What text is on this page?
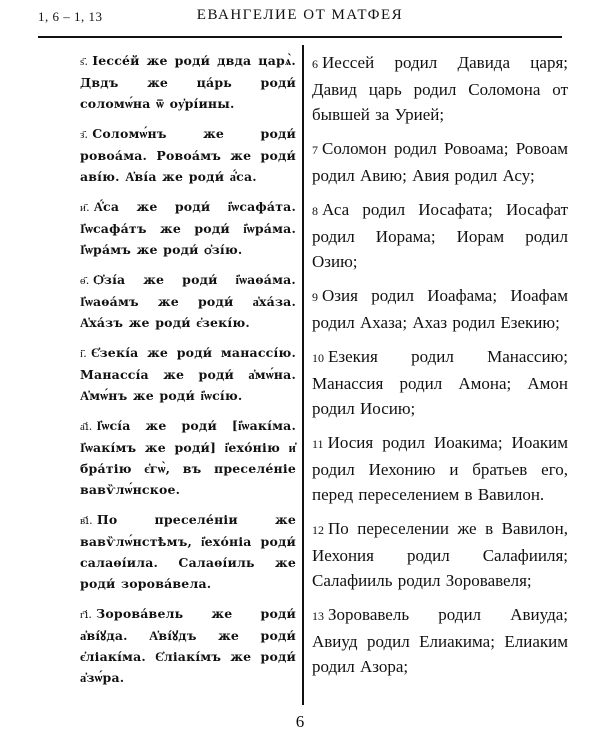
1, 6 – 1, 13	ЕВАНГЕЛИЕ ОТ МАТФЕЯ

ѕ҃. Іессе́й же роди́ двда царѧ̀. Двдъ же ца́рь роди́ соломѡ́на ѿ оу҆рі́ины.

з҃. Соломѡ́нъ же роди́ ровоа́ма. Ровоа́мъ же роди́ аві́ю. А҆ві́а же роди́ а҆́са.

и҃. А҆́са же роди́ і҆ѡсафа́та. І҆ѡсафа́тъ же роди́ і҆ѡра́ма. І҆ѡра́мъ же роди́ ѻ҆зі́ю.

ѳ҃. Ѻ҆зі́а же роди́ і҆ѡаѳа́ма. І҆ѡаѳа́мъ же роди́ а҆ха́за. А҆ха́зъ же роди́ є҆зекі́ю.

і҃. Є҆зекі́а же роди́ манассі́ю. Манассі́а же роди́ а҆мѡ́на. А҆мѡ́нъ же роди́ і҆ѡсі́ю.

а҃і. І҆ѡсі́а же роди́ [і҆ѡакі́ма. І҆ѡакі́мъ же роди́] і҆ехо́нію и҆ бра́тію є҆гѡ̀, въ преселе́ніе вавѷлѡ́нское.

в҃і. По преселе́ніи же вавѷлѡ́нстѣмъ, і҆ехо́ніа роди́ салаѳі́ила. Салаѳі́иль же роди́ зорова́вела.

г҃і. Зорова́вель же роди́ а҆ві́ꙋда. А҆ві́ꙋдъ же роди́ є҆ліакі́ма. Є҆ліакі́мъ же роди́ а҆зѡ́ра.

6 Иессей родил Давида царя; Давид царь родил Соломона от бывшей за Урией;

7 Соломон родил Ровоама; Ровоам родил Авию; Авия родил Асу;

8 Аса родил Иосафата; Иосафат родил Иорама; Иорам родил Озию;

9 Озия родил Иоафама; Иоафам родил Ахаза; Ахаз родил Езекию;

10 Езекия родил Манассию; Манассия родил Амона; Амон родил Иосию;

11 Иосия родил Иоакима; Иоаким родил Иехонию и братьев его, перед переселением в Вавилон.

12 По переселении же в Вавилон, Иехония родил Салафииля; Салафииль родил Зоровавеля;

13 Зоровавель родил Авиуда; Авиуд родил Елиакима; Елиаким родил Азора;

6
